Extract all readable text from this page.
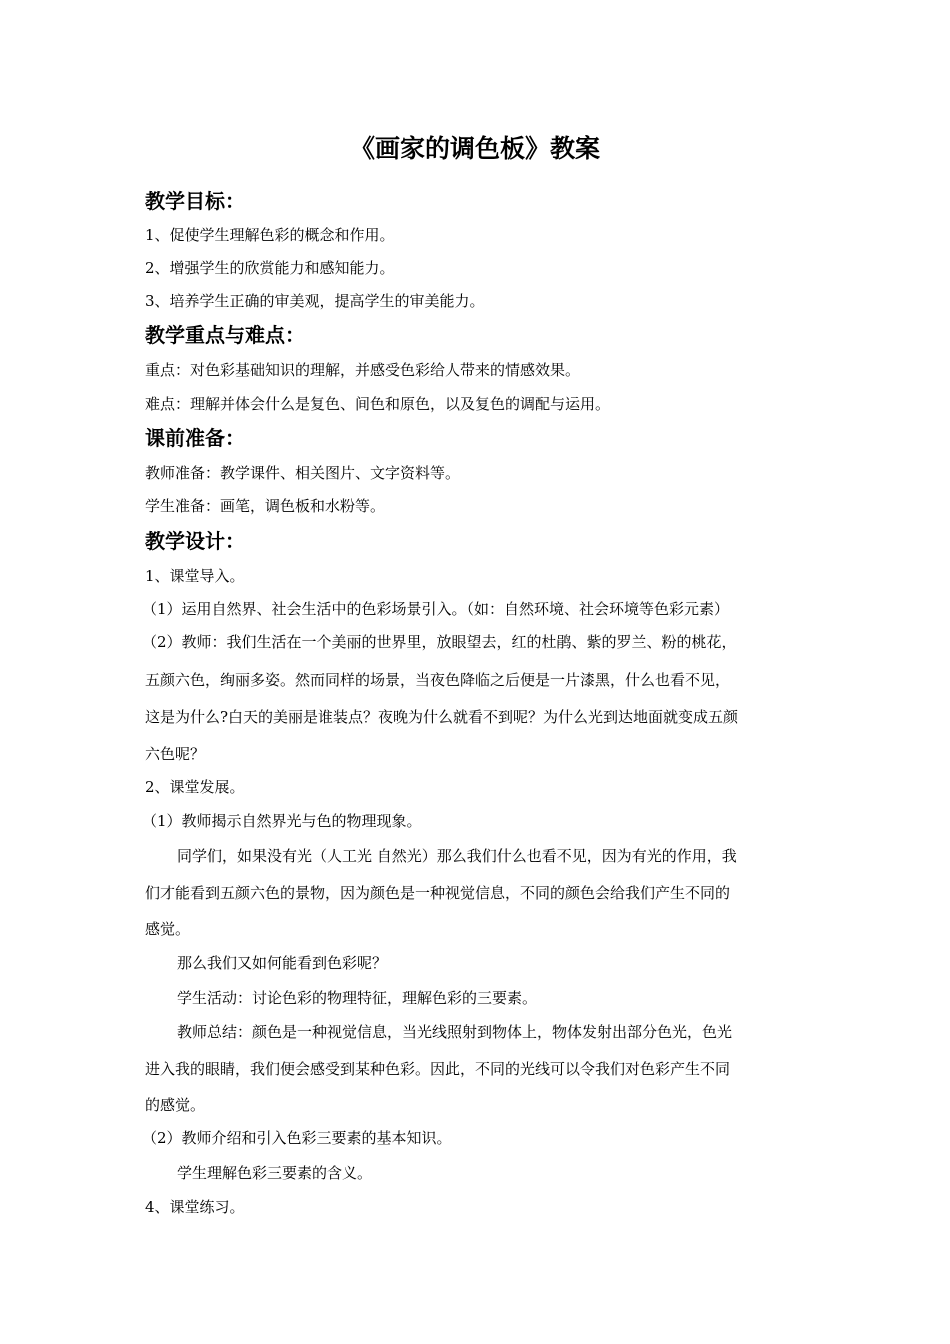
《画家的调色板》教案
教学目标：
1、促使学生理解色彩的概念和作用。
2、增强学生的欣赏能力和感知能力。
3、培养学生正确的审美观，提高学生的审美能力。
教学重点与难点：
重点：对色彩基础知识的理解，并感受色彩给人带来的情感效果。
难点：理解并体会什么是复色、间色和原色，以及复色的调配与运用。
课前准备：
教师准备：教学课件、相关图片、文字资料等。
学生准备：画笔，调色板和水粉等。
教学设计：
1、课堂导入。
（1）运用自然界、社会生活中的色彩场景引入。（如：自然环境、社会环境等色彩元素）
（2）教师：我们生活在一个美丽的世界里，放眼望去，红的杜鹃、紫的罗兰、粉的桃花，
五颜六色，绚丽多姿。然而同样的场景，当夜色降临之后便是一片漆黑，什么也看不见，
这是为什么?白天的美丽是谁装点？夜晚为什么就看不到呢？为什么光到达地面就变成五颜
六色呢？
2、课堂发展。
（1）教师揭示自然界光与色的物理现象。
同学们，如果没有光（人工光 自然光）那么我们什么也看不见，因为有光的作用，我
们才能看到五颜六色的景物，因为颜色是一种视觉信息，不同的颜色会给我们产生不同的
感觉。
那么我们又如何能看到色彩呢？
学生活动：讨论色彩的物理特征，理解色彩的三要素。
教师总结：颜色是一种视觉信息，当光线照射到物体上，物体发射出部分色光，色光
进入我的眼睛，我们便会感受到某种色彩。因此，不同的光线可以令我们对色彩产生不同
的感觉。
（2）教师介绍和引入色彩三要素的基本知识。
学生理解色彩三要素的含义。
4、课堂练习。
